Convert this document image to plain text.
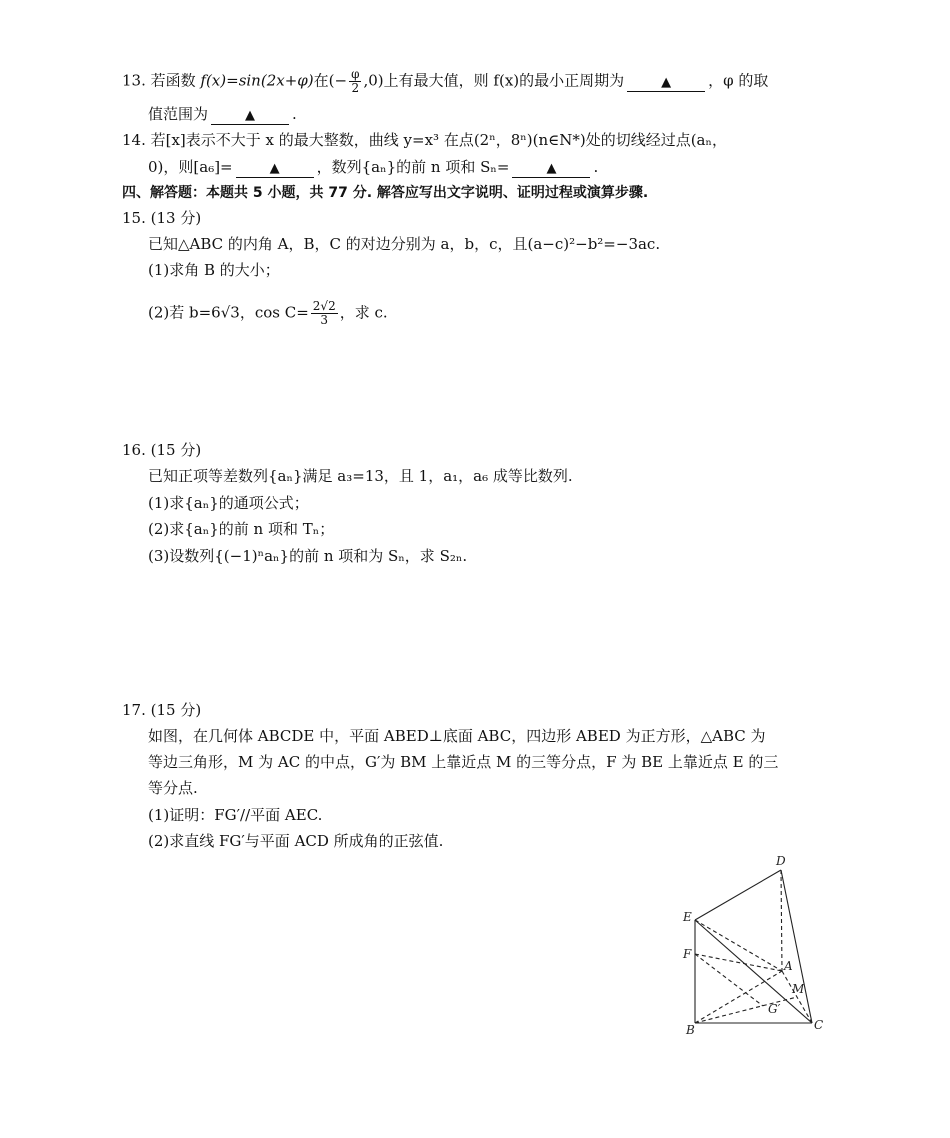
13. 若函数 f(x)=sin(2x+φ)在(− $\frac{\varphi}{2} ,0$)上有最大值，则 f(x)的最小正周期为	▲ ，φ 的取
值范围为	▲ .
14. 若[x]表示不大于 x 的最大整数，曲线 y=x³ 在点(2ⁿ，8ⁿ)(n∈N*)处的切线经过点(aₙ，
0)，则[a₆]=	▲ ，数列{aₙ}的前 n 项和 Sₙ=	▲ .
四、解答题：本题共 5 小题，共 77 分. 解答应写出文字说明、证明过程或演算步骤.
15. (13 分)
已知△ABC 的内角 A，B，C 的对边分别为 a，b，c，且(a−c)²−b²=−3ac.
(1)求角 B 的大小；
(2)若 b=6√3，$\cos C= \frac{2√2}{3}$ ，求 c.
16. (15 分)
已知正项等差数列{aₙ}满足 a₃=13，且 1，a₁，a₆ 成等比数列.
(1)求{aₙ}的通项公式；
(2)求{aₙ}的前 n 项和 Tₙ；
(3)设数列{(−1)ⁿaₙ}的前 n 项和为 Sₙ，求 S₂ₙ.
17. (15 分)
如图，在几何体 ABCDE 中，平面 ABED⊥底面 ABC，四边形 ABED 为正方形，△ABC 为
等边三角形，M 为 AC 的中点，G′为 BM 上靠近点 M 的三等分点，F 为 BE 上靠近点 E 的三
等分点.
(1)证明：FG′//平面 AEC.
(2)求直线 FG′与平面 ACD 所成角的正弦值.
D
E
F
A
M
G′
B	C
